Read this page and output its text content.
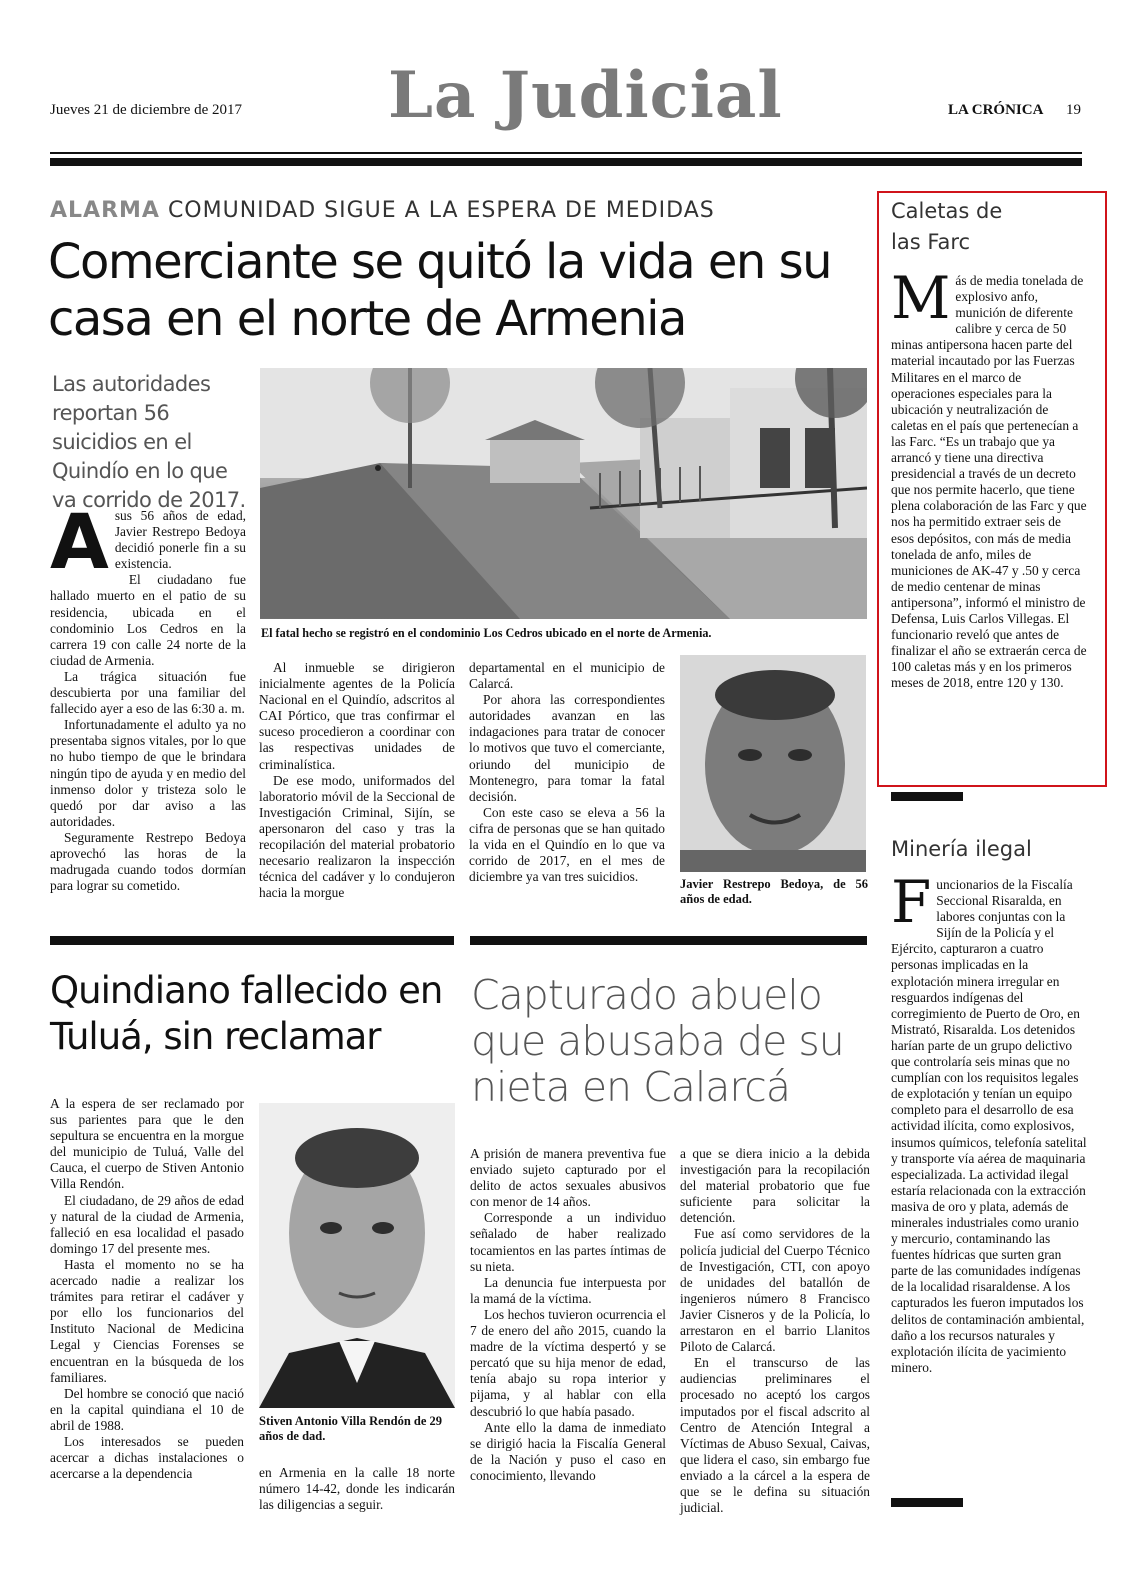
Jueves 21 de diciembre de 2017 La Judicial	LA CRÓNICA 19
ALARMA COMUNIDAD SIGUE A LA ESPERA DE MEDIDAS
Comerciante se quitó la vida en su casa en el norte de Armenia
Las autoridades reportan 56 suicidios en el Quindío en lo que va corrido de 2017.
El fatal hecho se registró en el condominio Los Cedros ubicado en el norte de Armenia.
A sus 56 años de edad, Javier Restrepo Bedoya decidió ponerle fin a su existencia.

El ciudadano fue hallado muerto en el patio de su residencia, ubicada en el condominio Los Cedros en la carrera 19 con calle 24 norte de la ciudad de Armenia.

La trágica situación fue descubierta por una familiar del fallecido ayer a eso de las 6:30 a. m.

Infortunadamente el adulto ya no presentaba signos vitales, por lo que no hubo tiempo de que le brindara ningún tipo de ayuda y en medio del inmenso dolor y tristeza solo le quedó por dar aviso a las autoridades.

Seguramente Restrepo Bedoya aprovechó las horas de la madrugada cuando todos dormían para lograr su cometido.

Al inmueble se dirigieron inicialmente agentes de la Policía Nacional en el Quindío, adscritos al CAI Pórtico, que tras confirmar el suceso procedieron a coordinar con las respectivas unidades de criminalística.

De ese modo, uniformados del laboratorio móvil de la Seccional de Investigación Criminal, Sijín, se apersonaron del caso y tras la recopilación del material probatorio necesario realizaron la inspección técnica del cadáver y lo condujeron hacia la morgue

departamental en el municipio de Calarcá.

Por ahora las correspondientes autoridades avanzan en las indagaciones para tratar de conocer lo motivos que tuvo el comerciante, oriundo del municipio de Montenegro, para tomar la fatal decisión.

Con este caso se eleva a 56 la cifra de personas que se han quitado la vida en el Quindío en lo que va corrido de 2017, en el mes de diciembre ya van tres suicidios.	Javier Restrepo Bedoya, de 56 años de edad.
Caletas de las Farc
M ás de media tonelada de explosivo anfo, munición de diferente calibre y cerca de 50 minas antipersona hacen parte del material incautado por las Fuerzas Militares en el marco de operaciones especiales para la ubicación y neutralización de caletas en el país que pertenecían a las Farc. “Es un trabajo que ya arrancó y tiene una directiva presidencial a través de un decreto que nos permite hacerlo, que tiene plena colaboración de las Farc y que nos ha permitido extraer seis de esos depósitos, con más de media tonelada de anfo, miles de municiones de AK-47 y .50 y cerca de medio centenar de minas antipersona”, informó el ministro de Defensa, Luis Carlos Villegas. El funcionario reveló que antes de finalizar el año se extraerán cerca de 100 caletas más y en los primeros meses de 2018, entre 120 y 130.
Minería ilegal
F uncionarios de la Fiscalía Seccional Risaralda, en labores conjuntas con la Sijín de la Policía y el Ejército, capturaron a cuatro personas implicadas en la explotación minera irregular en resguardos indígenas del corregimiento de Puerto de Oro, en Mistrató, Risaralda. Los detenidos harían parte de un grupo delictivo que controlaría seis minas que no cumplían con los requisitos legales de explotación y tenían un equipo completo para el desarrollo de esa actividad ilícita, como explosivos, insumos químicos, telefonía satelital y transporte vía aérea de maquinaria especializada. La actividad ilegal estaría relacionada con la extracción masiva de oro y plata, además de minerales industriales como uranio y mercurio, contaminando las fuentes hídricas que surten gran parte de las comunidades indígenas de la localidad risaraldense. A los capturados les fueron imputados los delitos de contaminación ambiental, daño a los recursos naturales y explotación ilícita de yacimiento minero.
Quindiano fallecido en Tuluá, sin reclamar

A la espera de ser reclamado por sus parientes para que le den sepultura se encuentra en la morgue del municipio de Tuluá, Valle del Cauca, el cuerpo de Stiven Antonio Villa Rendón.

El ciudadano, de 29 años de edad y natural de la ciudad de Armenia, falleció en esa localidad el pasado domingo 17 del presente mes.

Hasta el momento no se ha acercado nadie a realizar los trámites para retirar el cadáver y por ello los funcionarios del Instituto Nacional de Medicina Legal y Ciencias Forenses se encuentran en la búsqueda de los familiares.

Del hombre se conoció que nació en la capital quindiana el 10 de abril de 1988.

Los interesados se pueden acercar a dichas instalaciones o acercarse a la dependencia

Stiven Antonio Villa Rendón de 29 años de dad.

en Armenia en la calle 18 norte número 14-42, donde les indicarán las diligencias a seguir.

Capturado abuelo que abusaba de su nieta en Calarcá

A prisión de manera preventiva fue enviado sujeto capturado por el delito de actos sexuales abusivos con menor de 14 años.

Corresponde a un individuo señalado de haber realizado tocamientos en las partes íntimas de su nieta.

La denuncia fue interpuesta por la mamá de la víctima.

Los hechos tuvieron ocurrencia el 7 de enero del año 2015, cuando la madre de la víctima despertó y se percató que su hija menor de edad, tenía abajo su ropa interior y pijama, y al hablar con ella descubrió lo que había pasado.

Ante ello la dama de inmediato se dirigió hacia la Fiscalía General de la Nación y puso el caso en conocimiento, llevando

a que se diera inicio a la debida investigación para la recopilación del material probatorio que fue suficiente para solicitar la detención.

Fue así como servidores de la policía judicial del Cuerpo Técnico de Investigación, CTI, con apoyo de unidades del batallón de ingenieros número 8 Francisco Javier Cisneros y de la Policía, lo arrestaron en el barrio Llanitos Piloto de Calarcá.

En el transcurso de las audiencias preliminares el procesado no aceptó los cargos imputados por el fiscal adscrito al Centro de Atención Integral a Víctimas de Abuso Sexual, Caivas, que lidera el caso, sin embargo fue enviado a la cárcel a la espera de que se le defina su situación judicial.
